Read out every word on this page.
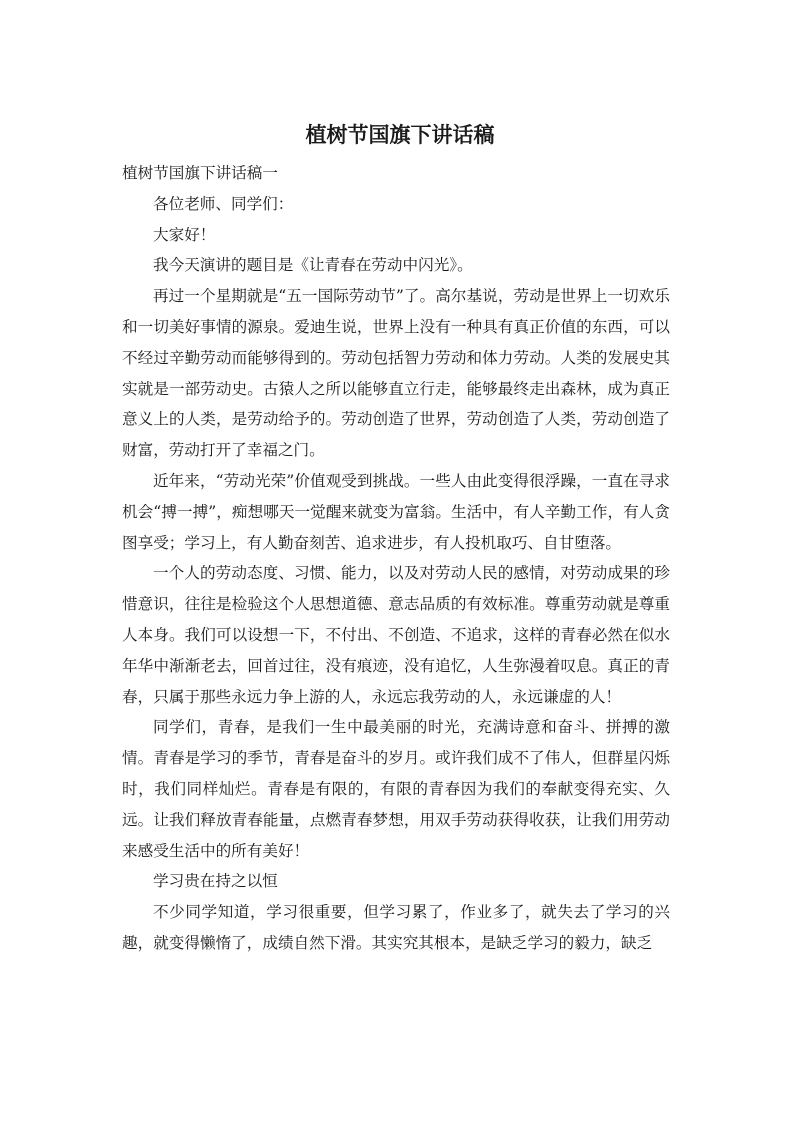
植树节国旗下讲话稿

植树节国旗下讲话稿一

各位老师、同学们：

大家好！

我今天演讲的题目是《让青春在劳动中闪光》。

再过一个星期就是“五一国际劳动节”了。高尔基说，劳动是世界上一切欢乐和一切美好事情的源泉。爱迪生说，世界上没有一种具有真正价值的东西，可以不经过辛勤劳动而能够得到的。劳动包括智力劳动和体力劳动。人类的发展史其实就是一部劳动史。古猿人之所以能够直立行走，能够最终走出森林，成为真正意义上的人类，是劳动给予的。劳动创造了世界，劳动创造了人类，劳动创造了财富，劳动打开了幸福之门。

近年来，“劳动光荣”价值观受到挑战。一些人由此变得很浮躁，一直在寻求机会“搏一搏”，痴想哪天一觉醒来就变为富翁。生活中，有人辛勤工作，有人贪图享受；学习上，有人勤奋刻苦、追求进步，有人投机取巧、自甘堕落。

一个人的劳动态度、习惯、能力，以及对劳动人民的感情，对劳动成果的珍惜意识，往往是检验这个人思想道德、意志品质的有效标准。尊重劳动就是尊重人本身。我们可以设想一下，不付出、不创造、不追求，这样的青春必然在似水年华中渐渐老去，回首过往，没有痕迹，没有追忆，人生弥漫着叹息。真正的青春，只属于那些永远力争上游的人，永远忘我劳动的人，永远谦虚的人！

同学们，青春，是我们一生中最美丽的时光，充满诗意和奋斗、拼搏的激情。青春是学习的季节，青春是奋斗的岁月。或许我们成不了伟人，但群星闪烁时，我们同样灿烂。青春是有限的，有限的青春因为我们的奉献变得充实、久远。让我们释放青春能量，点燃青春梦想，用双手劳动获得收获，让我们用劳动来感受生活中的所有美好！

学习贵在持之以恒

不少同学知道，学习很重要，但学习累了，作业多了，就失去了学习的兴趣，就变得懒惰了，成绩自然下滑。其实究其根本，是缺乏学习的毅力，缺乏
